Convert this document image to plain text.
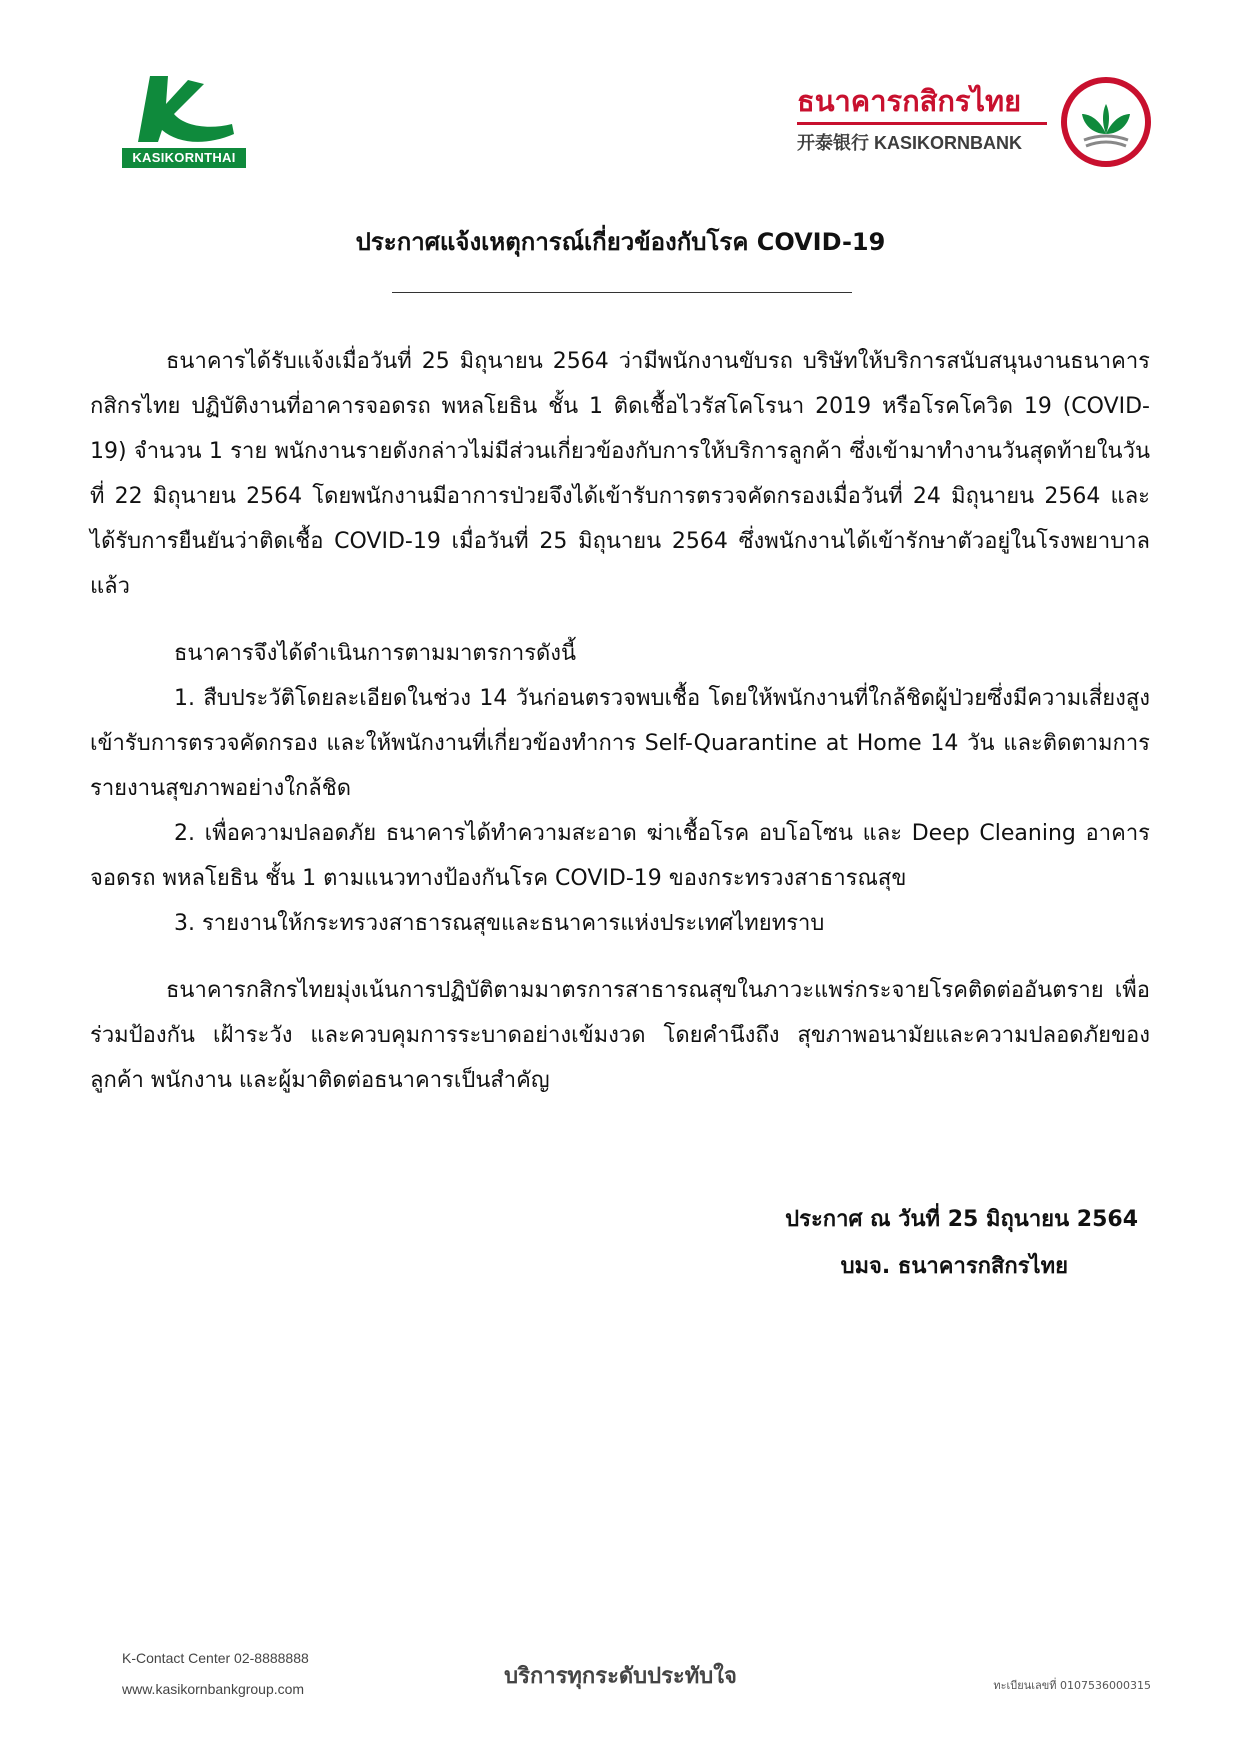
KASIKORNTHAI
ธนาคารกสิกรไทย
开泰银行 KASIKORNBANK
ประกาศแจ้งเหตุการณ์เกี่ยวข้องกับโรค COVID-19

ธนาคารได้รับแจ้งเมื่อวันที่ 25 มิถุนายน 2564 ว่ามีพนักงานขับรถ บริษัทให้บริการสนับสนุนงานธนาคารกสิกรไทย ปฏิบัติงานที่อาคารจอดรถ พหลโยธิน ชั้น 1 ติดเชื้อไวรัสโคโรนา 2019 หรือโรคโควิด 19 (COVID-19) จำนวน 1 ราย พนักงานรายดังกล่าวไม่มีส่วนเกี่ยวข้องกับการให้บริการลูกค้า ซึ่งเข้ามาทำงานวันสุดท้ายในวันที่ 22 มิถุนายน 2564 โดยพนักงานมีอาการป่วยจึงได้เข้ารับการตรวจคัดกรองเมื่อวันที่ 24 มิถุนายน 2564 และได้รับการยืนยันว่าติดเชื้อ COVID-19 เมื่อวันที่ 25 มิถุนายน 2564 ซึ่งพนักงานได้เข้ารักษาตัวอยู่ในโรงพยาบาลแล้ว

ธนาคารจึงได้ดำเนินการตามมาตรการดังนี้

1. สืบประวัติโดยละเอียดในช่วง 14 วันก่อนตรวจพบเชื้อ โดยให้พนักงานที่ใกล้ชิดผู้ป่วยซึ่งมีความเสี่ยงสูงเข้ารับการตรวจคัดกรอง และให้พนักงานที่เกี่ยวข้องทำการ Self-Quarantine at Home 14 วัน และติดตามการรายงานสุขภาพอย่างใกล้ชิด

2. เพื่อความปลอดภัย ธนาคารได้ทำความสะอาด ฆ่าเชื้อโรค อบโอโซน และ Deep Cleaning อาคารจอดรถ พหลโยธิน ชั้น 1 ตามแนวทางป้องกันโรค COVID-19 ของกระทรวงสาธารณสุข

3. รายงานให้กระทรวงสาธารณสุขและธนาคารแห่งประเทศไทยทราบ

ธนาคารกสิกรไทยมุ่งเน้นการปฏิบัติตามมาตรการสาธารณสุขในภาวะแพร่กระจายโรคติดต่ออันตราย เพื่อร่วมป้องกัน เฝ้าระวัง และควบคุมการระบาดอย่างเข้มงวด โดยคำนึงถึง สุขภาพอนามัยและความปลอดภัยของลูกค้า พนักงาน และผู้มาติดต่อธนาคารเป็นสำคัญ

ประกาศ ณ วันที่ 25 มิถุนายน 2564
บมจ. ธนาคารกสิกรไทย
K-Contact Center 02-8888888
www.kasikornbankgroup.com	บริการทุกระดับประทับใจ	ทะเบียนเลขที่ 0107536000315
